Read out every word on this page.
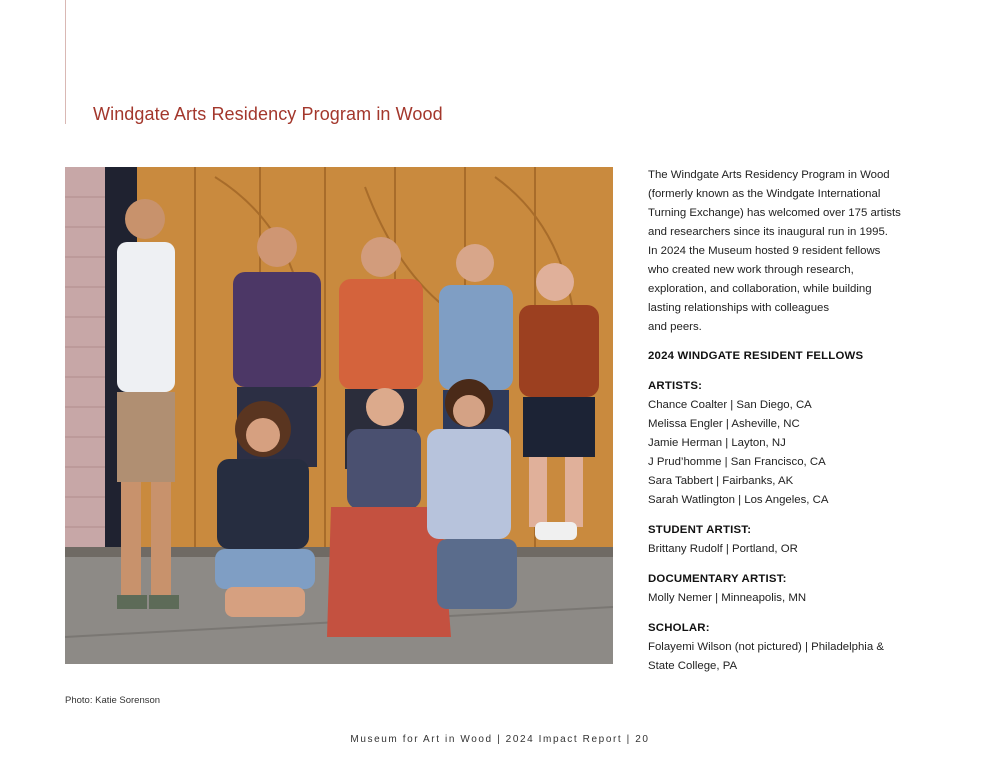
Windgate Arts Residency Program in Wood
Photo: Katie Sorenson

The Windgate Arts Residency Program in Wood
(formerly known as the Windgate International
Turning Exchange) has welcomed over 175 artists
and researchers since its inaugural run in 1995.
In 2024 the Museum hosted 9 resident fellows
who created new work through research,
exploration, and collaboration, while building
lasting relationships with colleagues
and peers.

2024 WINDGATE RESIDENT FELLOWS
ARTISTS:
Chance Coalter | San Diego, CA
Melissa Engler | Asheville, NC
Jamie Herman | Layton, NJ
J Prud’homme | San Francisco, CA
Sara Tabbert | Fairbanks, AK
Sarah Watlington | Los Angeles, CA
STUDENT ARTIST:
Brittany Rudolf | Portland, OR
DOCUMENTARY ARTIST:
Molly Nemer | Minneapolis, MN
SCHOLAR:
Folayemi Wilson (not pictured) | Philadelphia &
State College, PA
Museum for Art in Wood | 2024 Impact Report | 20
